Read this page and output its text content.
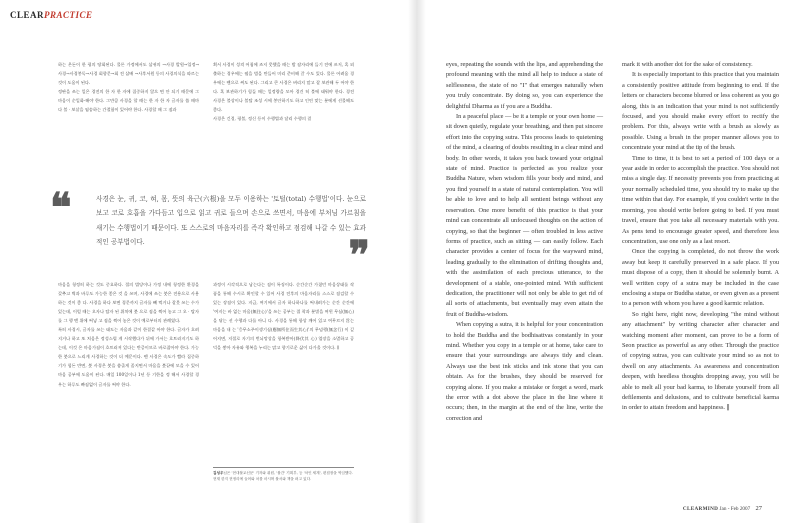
CLEARPRACTICE
하는 온돈이 한 평의 땅회된다. 물론 가정에서도 삼귀의 →사경 발원→입정→사경→사경봉독→사경 회향문→회 전 삼배 →사후서원 등의 사경의식을 따르는 것이 도움이 된다.
정판을 쓰는 일은 경전의 한 자 한 자에 집중하지 않으 면 안 되기 때문에 그 마음이 순일화-해야 한다. 그만큼 사경을 할 때는 한 자 한 자 글자를 쓸 때마다 불 · 보살을 염송하는 간절함이 있어야 한다. 사경할 때 그 점과
획서 사경이 성격 어침에 즈저 못했을 때는 밤 잠자리에 들기 전에 즈저, 혹 외출하는 경우에는 펼을 범을 만들어 미리 준비해 갈 수도 있다. 물론 어려움 경우에는 펜으로 써도 된다. 그리고 큰 사경은 벼리지 말고 잘 보관해 두 어야 한다. 혹 보관하기가 힘들 때는 일정량을 모아 경건 히 불에 태워야 한다. 경전 사경은 불상이나 불탑 조성 시에 봉안하기도 하고 인연 맞는 분에게 선물해도 좋다.
사경은 긴경, 평불, 정신 등이 수행법과 달리 수행의 결
❝	사경은 눈, 귀, 코, 혀, 몸, 뜻의 육근(六根)을 모두 이용하는 '토털(total) 수행법'이다. 눈으로 보고 코로 호흡을 가다듬고 입으로 읽고 귀로 들으며 손으로 쓰면서, 마음에 부처님 가르침을 새기는 수행법이기 때문이다. 또 스스로의 마음자리를 즉각 확인하고 점검해 나갈 수 있는 효과적인 공부법이다.	❞
마음을 청정히 하는 것도 중요하다. 절의 법당이나 가정 내에 청정한 환경을 갖추고 벽과 바루도 가능한 좋은 것 을 쓰며, 사경에 쓰는 붓은 전용으로 사용하는 것이 좋 다. 사경을 하다 보면 경문까지 글자를 빼 먹거나 잘못 쓰는 수가 있는데, 이럴 때는 오자나 탈자 된 위치에 붓 으로 점을 찍어 놓고 그 오 · 탈자를 그 행 맨 위에 써넣 고 점을 찍어 놓은 것이 예로부터의 관례였다.
특히 사경시, 글자를 쓰는 태도는 자음과 같이 한결같 아야 한다. 글자가 흐려지거나 하고 또 처음은 정성스럽 게 시작했다가 뒤에 가서는 흐트러지기도 하는데, 이것 은 마음가짐이 흐트러져 있다는 반증이므로 바로잡아야 한다. 가능한 붓으로 느리게 사경하는 것이 더 예문이다. 펜 사경은 속도가 빨라 집중하기가 힘든 반면, 붓 사경은 붓을 씀줄게 꼼지면서 마음을 붓끝에 모을 수 있어 마음 공부에 도움이 된다. 매일 100일이나 1년 등 기한을 정 해서 사경할 경우는 하루도 빠짐없이 글자를 써야 한다.
과정이 시각적으로 남는다는 점이 특징이다. 순간순간 가졌던 마음상태를 작품을 통해 수시로 확인할 수 있어 사경 전후의 마음자리를 스스로 점검할 수 있는 장점이 있다. 지금, 여기에서 글자 하나하나를 써내려가는 순간 순간에 '여지는 바 없는 마음(無住心)'을 쓰는 공부는 접 착과 분별을 여윈 무심(無心)을 닦는 선 수행과 다를 아니 다. 사경을 통해 항상 깨어 있고 여무르지 않는 마음을 내 는 '응무소주이생기심(應無所住而生其心)'의 무념행(無念行) 이 깊어지면, 저절로 자기의 번뇌망상을 항복받아(降伏其 心) 업장을 소멸하고 공덕을 쌓아 자유와 행복을 누리는 맑고 향기로운 삶이 다가올 것이다. ∥
김성우님은 '현대불교신문' 기자와 취원, '불간' 기획부, 등 '차인 세계', 편집장을 역임했다. 현재 한지 현정리에 들어와 차를 마시며 불서와 책을 펴고 있다.

eyes, repeating the sounds with the lips, and apprehending the profound meaning with the mind all help to induce a state of selflessness, the state of no "I" that emerges naturally when you truly concentrate. By doing so, you can experience the delightful Dharma as if you are a Buddha.

In a peaceful place — be it a temple or your own home — sit down quietly, regulate your breathing, and then put sincere effort into the copying sutra. This process leads to quietening of the mind, a clearing of doubts resulting in a clear mind and body. In other words, it takes you back toward your original state of mind. Practice is perfected as you realize your Buddha Nature, when wisdom fills your body and mind, and you find yourself in a state of natural contemplation. You will be able to love and to help all sentient beings without any reservation. One more benefit of this practice is that your mind can concentrate all unfocused thoughts on the action of copying, so that the beginner — often troubled in less active forms of practice, such as sitting — can easily follow. Each character provides a center of focus for the wayward mind, leading gradually to the elimination of drifting thoughts and, with the assimilation of each precious utterance, to the development of a stable, one-pointed mind. With sufficient dedication, the practitioner will not only be able to get rid of all sorts of attachments, but eventually may even attain the fruit of Buddha-wisdom.

When copying a sutra, it is helpful for your concentration to hold the Buddha and the bodhisattvas constantly in your mind. Whether you copy in a temple or at home, take care to ensure that your surroundings are always tidy and clean. Always use the best ink sticks and ink stone that you can obtain. As for the brushes, they should be reserved for copying alone. If you make a mistake or forget a word, mark the error with a dot above the place in the line where it occurs; then, in the margin at the end of the line, write the correction and

mark it with another dot for the sake of consistency.

It is especially important to this practice that you maintain a consistently positive attitude from beginning to end. If the letters or characters become blurred or less coherent as you go along, this is an indication that your mind is not sufficiently focused, and you should make every effort to rectify the problem. For this, always write with a brush as slowly as possible. Using a brush in the proper manner allows you to concentrate your mind at the tip of the brush.

Time to time, it is best to set a period of 100 days or a year aside in order to accomplish the practice. You should not miss a single day. If necessity prevents you from practicing at your normally scheduled time, you should try to make up the time within that day. For example, if you couldn't write in the morning, you should write before going to bed. If you must travel, ensure that you take all necessary materials with you. As pens tend to encourage greater speed, and therefore less concentration, use one only as a last resort.

Once the copying is completed, do not throw the work away but keep it carefully preserved in a safe place. If you must dispose of a copy, then it should be solemnly burnt. A well written copy of a sutra may be included in the case enclosing a stupa or Buddha statue, or even given as a present to a person with whom you have a good karmic relation.

So right here, right now, developing "the mind without any attachment" by writing character after character and watching moment after moment, can prove to be a form of Seon practice as powerful as any other. Through the practice of copying sutras, you can cultivate your mind so as not to dwell on any attachments. As awareness and concentration deepen, with heedless thoughts dropping away, you will be able to melt all your bad karma, to liberate yourself from all defilements and delusions, and to cultivate beneficial karma in order to attain freedom and happiness. ∥

CLEARMIND Jan - Feb 2007 27
